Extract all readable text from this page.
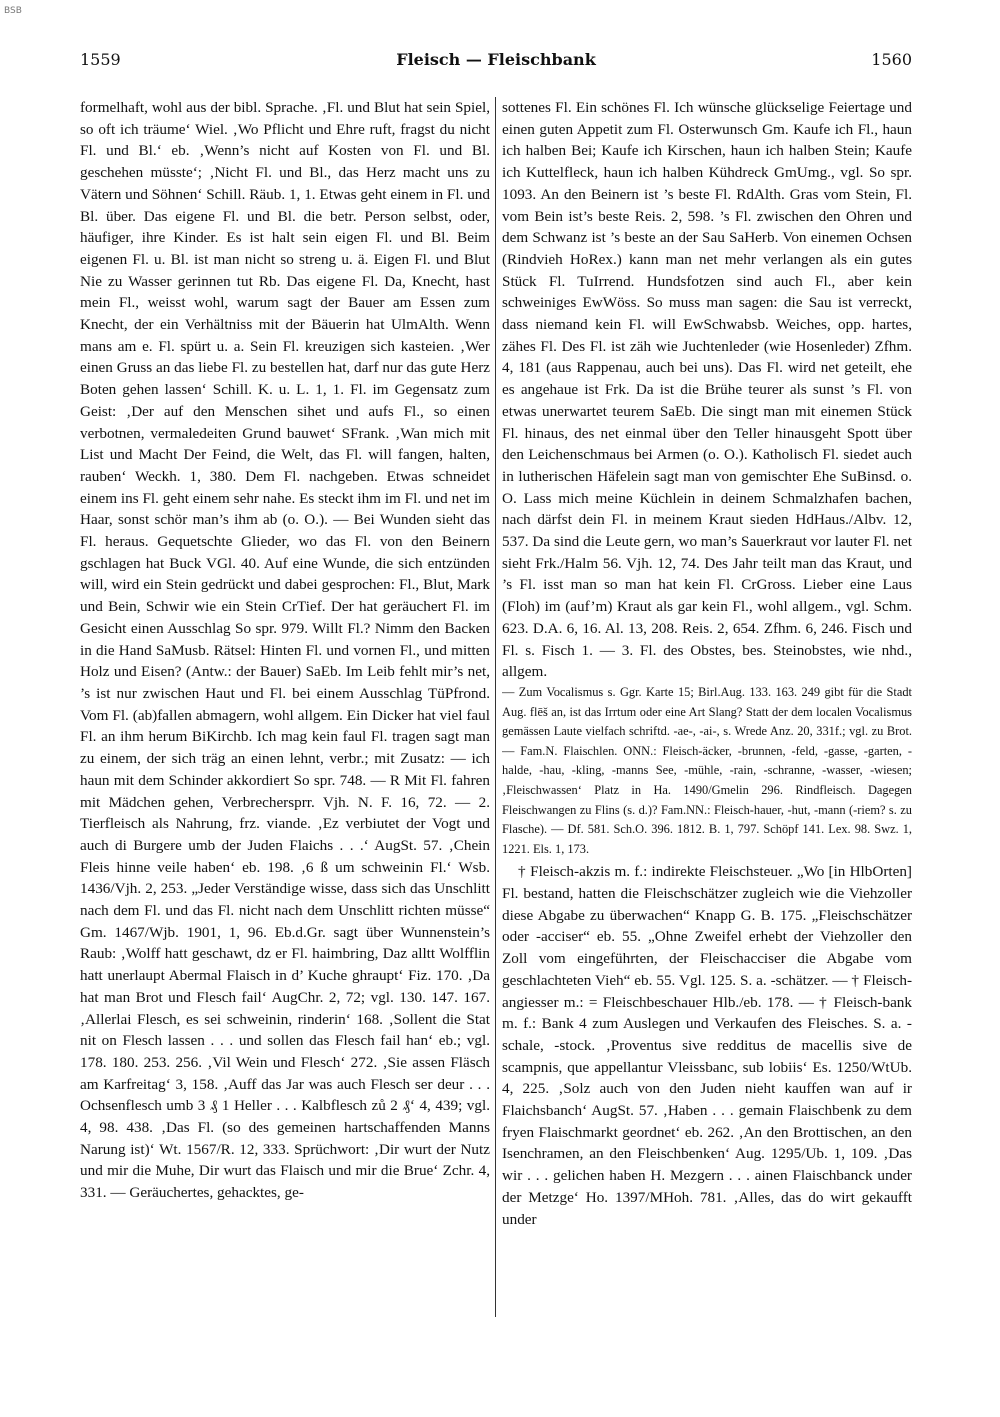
BSB
1559	Fleisch — Fleischbank	1560

formelhaft, wohl aus der bibl. Sprache. ‚Fl. und Blut hat sein Spiel, so oft ich träume‘ Wiel. ‚Wo Pflicht und Ehre ruft, fragst du nicht Fl. und Bl.‘ eb. ‚Wenn’s nicht auf Kosten von Fl. und Bl. geschehen müsste‘; ‚Nicht Fl. und Bl., das Herz macht uns zu Vätern und Söhnen‘ Schill. Räub. 1, 1. Etwas geht einem in Fl. und Bl. über. Das eigene Fl. und Bl. die betr. Person selbst, oder, häufiger, ihre Kinder. Es ist halt sein eigen Fl. und Bl. Beim eigenen Fl. u. Bl. ist man nicht so streng u. ä. Eigen Fl. und Blut Nie zu Wasser gerinnen tut Rb. Das eigene Fl. Da, Knecht, hast mein Fl., weisst wohl, warum sagt der Bauer am Essen zum Knecht, der ein Verhältniss mit der Bäuerin hat UlmAlth. Wenn mans am e. Fl. spürt u. a. Sein Fl. kreuzigen sich kasteien. ‚Wer einen Gruss an das liebe Fl. zu bestellen hat, darf nur das gute Herz Boten gehen lassen‘ Schill. K. u. L. 1, 1. Fl. im Gegensatz zum Geist: ‚Der auf den Menschen sihet und aufs Fl., so einen verbotnen, vermaledeiten Grund bauwet‘ SFrank. ‚Wan mich mit List und Macht Der Feind, die Welt, das Fl. will fangen, halten, rauben‘ Weckh. 1, 380. Dem Fl. nachgeben. Etwas schneidet einem ins Fl. geht einem sehr nahe. Es steckt ihm im Fl. und net im Haar, sonst schör man’s ihm ab (o. O.). — Bei Wunden sieht das Fl. heraus. Gequetschte Glieder, wo das Fl. von den Beinern gschlagen hat Buck VGl. 40. Auf eine Wunde, die sich entzünden will, wird ein Stein gedrückt und dabei gesprochen: Fl., Blut, Mark und Bein, Schwir wie ein Stein CrTief. Der hat geräuchert Fl. im Gesicht einen Ausschlag So spr. 979. Willt Fl.? Nimm den Backen in die Hand SaMusb. Rätsel: Hinten Fl. und vornen Fl., und mitten Holz und Eisen? (Antw.: der Bauer) SaEb. Im Leib fehlt mir’s net, ’s ist nur zwischen Haut und Fl. bei einem Ausschlag TüPfrond. Vom Fl. (ab)fallen abmagern, wohl allgem. Ein Dicker hat viel faul Fl. an ihm herum BiKirchb. Ich mag kein faul Fl. tragen sagt man zu einem, der sich träg an einen lehnt, verbr.; mit Zusatz: — ich haun mit dem Schinder akkordiert So spr. 748. — R Mit Fl. fahren mit Mädchen gehen, Verbrechersprr. Vjh. N. F. 16, 72. — 2. Tierfleisch als Nahrung, frz. viande. ‚Ez verbiutet der Vogt und auch di Burgere umb der Juden Flaichs . . .‘ AugSt. 57. ‚Chein Fleis hinne veile haben‘ eb. 198. ‚6 ß um schweinin Fl.‘ Wsb. 1436/Vjh. 2, 253. „Jeder Verständige wisse, dass sich das Unschlitt nach dem Fl. und das Fl. nicht nach dem Unschlitt richten müsse“ Gm. 1467/Wjb. 1901, 1, 96. Eb.d.Gr. sagt über Wunnenstein’s Raub: ‚Wolff hatt geschawt, dz er Fl. haimbring, Daz alltt Wolfflin hatt unerlaupt Abermal Flaisch in d’ Kuche ghraupt‘ Fiz. 170. ‚Da hat man Brot und Flesch fail‘ AugChr. 2, 72; vgl. 130. 147. 167. ‚Allerlai Flesch, es sei schweinin, rinderin‘ 168. ‚Sollent die Stat nit on Flesch lassen . . . und sollen das Flesch fail han‘ eb.; vgl. 178. 180. 253. 256. ‚Vil Wein und Flesch‘ 272. ‚Sie assen Fläsch am Karfreitag‘ 3, 158. ‚Auff das Jar was auch Flesch ser deur . . . Ochsenflesch umb 3 ₰ 1 Heller . . . Kalbflesch zů 2 ₰‘ 4, 439; vgl. 4, 98. 438. ‚Das Fl. (so des gemeinen hartschaffenden Manns Narung ist)‘ Wt. 1567/R. 12, 333. Sprüchwort: ‚Dir wurt der Nutz und mir die Muhe, Dir wurt das Flaisch und mir die Brue‘ Zchr. 4, 331. — Geräuchertes, gehacktes, ge-

sottenes Fl. Ein schönes Fl. Ich wünsche glückselige Feiertage und einen guten Appetit zum Fl. Osterwunsch Gm. Kaufe ich Fl., haun ich halben Bei; Kaufe ich Kirschen, haun ich halben Stein; Kaufe ich Kuttelfleck, haun ich halben Kühdreck GmUmg., vgl. So spr. 1093. An den Beinern ist ’s beste Fl. RdAlth. Gras vom Stein, Fl. vom Bein ist’s beste Reis. 2, 598. ’s Fl. zwischen den Ohren und dem Schwanz ist ’s beste an der Sau SaHerb. Von einemen Ochsen (Rindvieh HoRex.) kann man net mehr verlangen als ein gutes Stück Fl. TuIrrend. Hundsfotzen sind auch Fl., aber kein schweiniges EwWöss. So muss man sagen: die Sau ist verreckt, dass niemand kein Fl. will EwSchwabsb. Weiches, opp. hartes, zähes Fl. Des Fl. ist zäh wie Juchtenleder (wie Hosenleder) Zfhm. 4, 181 (aus Rappenau, auch bei uns). Das Fl. wird net geteilt, ehe es angehaue ist Frk. Da ist die Brühe teurer als sunst ’s Fl. von etwas unerwartet teurem SaEb. Die singt man mit einemen Stück Fl. hinaus, des net einmal über den Teller hinausgeht Spott über den Leichenschmaus bei Armen (o. O.). Katholisch Fl. siedet auch in lutherischen Häfelein sagt man von gemischter Ehe SuBinsd. o. O. Lass mich meine Küchlein in deinem Schmalzhafen bachen, nach därfst dein Fl. in meinem Kraut sieden HdHaus./Albv. 12, 537. Da sind die Leute gern, wo man’s Sauerkraut vor lauter Fl. net sieht Frk./Halm 56. Vjh. 12, 74. Des Jahr teilt man das Kraut, und ’s Fl. isst man so man hat kein Fl. CrGross. Lieber eine Laus (Floh) im (auf’m) Kraut als gar kein Fl., wohl allgem., vgl. Schm. 623. D.A. 6, 16. Al. 13, 208. Reis. 2, 654. Zfhm. 6, 246. Fisch und Fl. s. Fisch 1. — 3. Fl. des Obstes, bes. Steinobstes, wie nhd., allgem.

— Zum Vocalismus s. Ggr. Karte 15; Birl.Aug. 133. 163. 249 gibt für die Stadt Aug. flēš an, ist das Irrtum oder eine Art Slang? Statt der dem localen Vocalismus gemässen Laute vielfach schriftd. -ae-, -ai-, s. Wrede Anz. 20, 331f.; vgl. zu Brot. — Fam.N. Flaischlen. ONN.: Fleisch-äcker, -brunnen, -feld, -gasse, -garten, -halde, -hau, -kling, -manns See, -mühle, -rain, -schranne, -wasser, -wiesen; ‚Fleischwassen‘ Platz in Ha. 1490/Gmelin 296. Rindfleisch. Dagegen Fleischwangen zu Flins (s. d.)? Fam.NN.: Fleisch-hauer, -hut, -mann (-riem? s. zu Flasche). — Df. 581. Sch.O. 396. 1812. B. 1, 797. Schöpf 141. Lex. 98. Swz. 1, 1221. Els. 1, 173.

† Fleisch-akzis m. f.: indirekte Fleischsteuer. „Wo [in HlbOrten] Fl. bestand, hatten die Fleischschätzer zugleich wie die Viehzoller diese Abgabe zu überwachen“ Knapp G. B. 175. „Fleischschätzer oder -acciser“ eb. 55. „Ohne Zweifel erhebt der Viehzoller den Zoll vom eingeführten, der Fleischacciser die Abgabe vom geschlachteten Vieh“ eb. 55. Vgl. 125. S. a. -schätzer. — † Fleisch-angiesser m.: = Fleischbeschauer Hlb./eb. 178. — † Fleisch-bank m. f.: Bank 4 zum Auslegen und Verkaufen des Fleisches. S. a. -schale, -stock. ‚Proventus sive redditus de macellis sive de scampnis, que appellantur Vleissbanc, sub lobiis‘ Es. 1250/WtUb. 4, 225. ‚Solz auch von den Juden nieht kauffen wan auf ir Flaichsbanch‘ AugSt. 57. ‚Haben . . . gemain Flaischbenk zu dem fryen Flaischmarkt geordnet‘ eb. 262. ‚An den Brottischen, an den Isenchramen, an den Fleischbenken‘ Aug. 1295/Ub. 1, 109. ‚Das wir . . . gelichen haben H. Mezgern . . . ainen Flaischbanck under der Metzge‘ Ho. 1397/MHoh. 781. ‚Alles, das do wirt gekaufft under
